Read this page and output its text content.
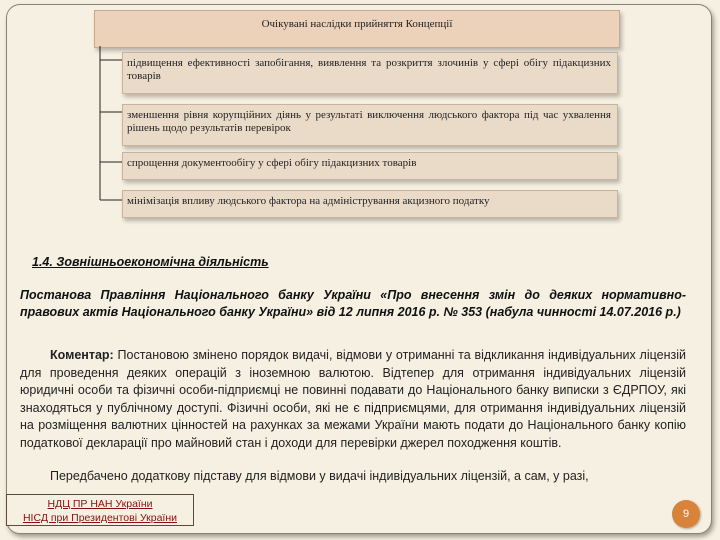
Очікувані наслідки прийняття Концепції
підвищення ефективності запобігання, виявлення та розкриття злочинів у сфері обігу підакцизних товарів
зменшення рівня корупційних діянь у результаті виключення людського фактора під час ухвалення рішень щодо результатів перевірок
спрощення документообігу у сфері обігу підакцизних товарів
мінімізація впливу людського фактора на адміністрування акцизного податку
1.4. Зовнішньоекономічна діяльність
Постанова Правління Національного банку України «Про внесення змін до деяких нормативно-правових актів Національного банку України» від 12 липня 2016 р. № 353 (набула чинності 14.07.2016 р.)

Коментар: Постановою змінено порядок видачі, відмови у отриманні та відкликання індивідуальних ліцензій для проведення деяких операцій з іноземною валютою. Відтепер для отримання індивідуальних ліцензій юридичні особи та фізичні особи-підприємці не повинні подавати до Національного банку виписки з ЄДРПОУ, які знаходяться у публічному доступі. Фізичні особи, які не є підприємцями, для отримання індивідуальних ліцензій на розміщення валютних цінностей на рахунках за межами України мають подати до Національного банку копію податкової декларації про майновий стан і доходи для перевірки джерел походження коштів.

Передбачено додаткову підставу для відмови у видачі індивідуальних ліцензій, а сам, у разі,

НДЦ ПР НАН України
НІСД при Президентові України	9
